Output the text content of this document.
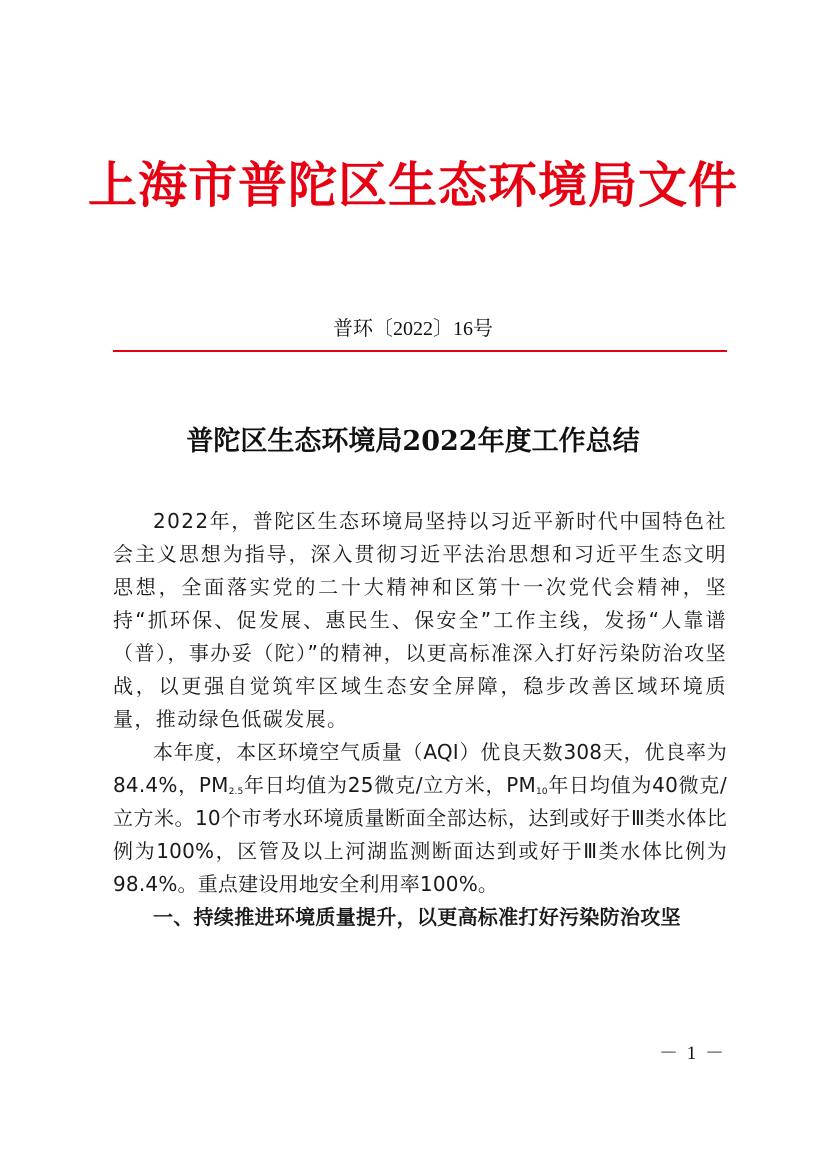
上海市普陀区生态环境局文件
普环〔2022〕16号
普陀区生态环境局2022年度工作总结

2022年，普陀区生态环境局坚持以习近平新时代中国特色社会主义思想为指导，深入贯彻习近平法治思想和习近平生态文明思想，全面落实党的二十大精神和区第十一次党代会精神，坚持“抓环保、促发展、惠民生、保安全”工作主线，发扬“人靠谱（普），事办妥（陀）”的精神，以更高标准深入打好污染防治攻坚战，以更强自觉筑牢区域生态安全屏障，稳步改善区域环境质量，推动绿色低碳发展。

本年度，本区环境空气质量（AQI）优良天数308天，优良率为84.4%，$PM_{2.5}$年日均值为25微克/立方米，$PM_{10}$年日均值为40微克/立方米。10个市考水环境质量断面全部达标，达到或好于Ⅲ类水体比例为100%，区管及以上河湖监测断面达到或好于Ⅲ类水体比例为98.4%。重点建设用地安全利用率100%。

一、持续推进环境质量提升，以更高标准打好污染防治攻坚

－ 1 －
